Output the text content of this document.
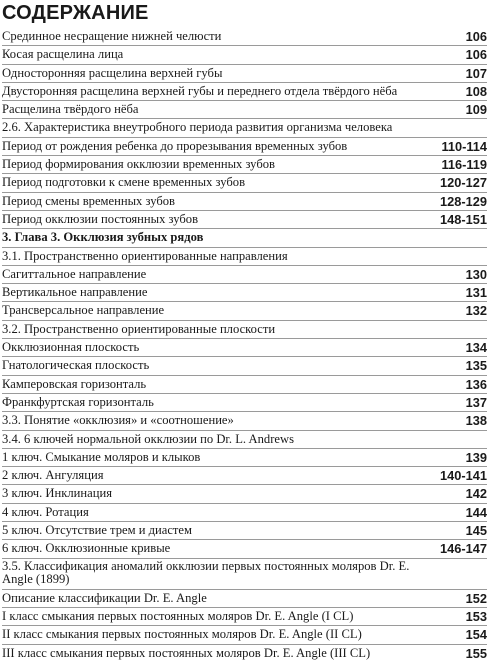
СОДЕРЖАНИЕ
Срединное несращение нижней челюсти	106
Косая расщелина лица	106
Односторонняя расщелина верхней губы	107
Двусторонняя расщелина верхней губы и переднего отдела твёрдого нёба	108
Расщелина твёрдого нёба	109
2.6. Характеристика внеутробного периода развития организма человека
Период от рождения ребенка до прорезывания временных зубов	110-114
Период формирования окклюзии временных зубов	116-119
Период подготовки к смене временных зубов	120-127
Период смены временных зубов	128-129
Период окклюзии постоянных зубов	148-151
3. Глава 3. Окклюзия зубных рядов
3.1. Пространственно ориентированные направления
Сагиттальное направление	130
Вертикальное направление	131
Трансверсальное направление	132
3.2. Пространственно ориентированные плоскости
Окклюзионная плоскость	134
Гнатологическая плоскость	135
Камперовская горизонталь	136
Франкфуртская горизонталь	137
3.3. Понятие «окклюзия» и «соотношение»	138
3.4. 6 ключей нормальной окклюзии по Dr. L. Andrews
1 ключ. Смыкание моляров и клыков	139
2 ключ. Ангуляция	140-141
3 ключ. Инклинация	142
4 ключ. Ротация	144
5 ключ. Отсутствие трем и диастем	145
6 ключ. Окклюзионные кривые	146-147
3.5. Классификация аномалий окклюзии первых постоянных моляров Dr. E. Angle (1899)
Описание классификации Dr. E. Angle	152
I класс смыкания первых постоянных моляров Dr. E. Angle (I CL)	153
II класс смыкания первых постоянных моляров Dr. E. Angle (II CL)	154
III класс смыкания первых постоянных моляров Dr. E. Angle (III CL)	155
